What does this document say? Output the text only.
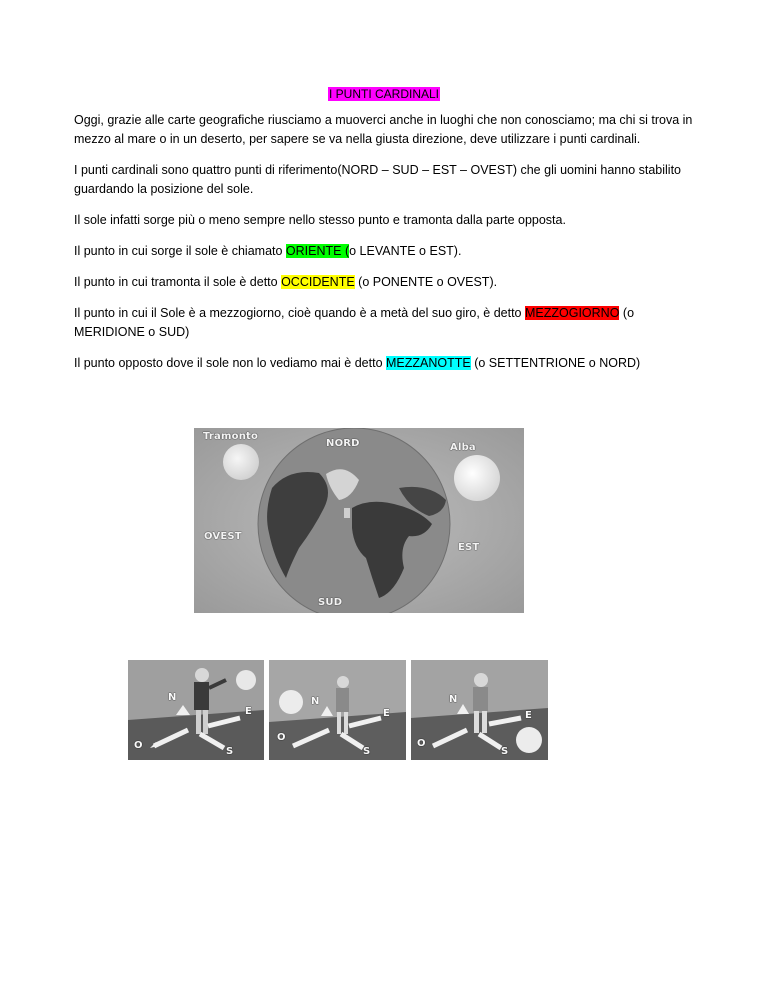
I PUNTI CARDINALI

Oggi, grazie alle carte geografiche riusciamo a muoverci anche in luoghi che non conosciamo; ma chi si trova in mezzo al mare o in un deserto, per sapere se va nella giusta direzione, deve utilizzare i punti cardinali.

I punti cardinali sono quattro punti di riferimento(NORD – SUD – EST – OVEST) che gli uomini hanno stabilito guardando la posizione del sole.

Il sole infatti sorge più o meno sempre nello stesso punto e tramonta dalla parte opposta.

Il punto in cui sorge il sole è chiamato ORIENTE (o LEVANTE o EST).

Il punto in cui tramonta il sole è detto OCCIDENTE (o PONENTE o OVEST).

Il punto in cui il Sole è a mezzogiorno, cioè quando è a metà del suo giro, è detto MEZZOGIORNO (o MERIDIONE o SUD)

Il punto opposto dove il sole non lo vediamo mai è detto MEZZANOTTE (o SETTENTRIONE o NORD)

Tramonto
NORD	Alba
OVEST
EST
SUD
N
E
O
S
N
E
O
S
N
E
O
S
